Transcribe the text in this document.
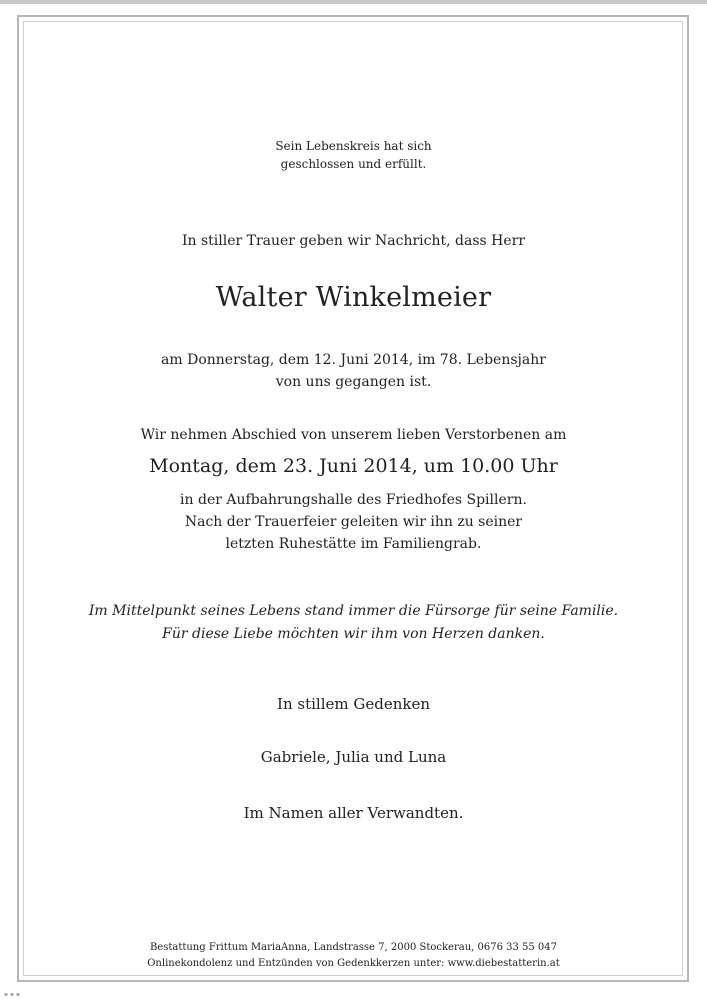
Sein Lebenskreis hat sich
geschlossen und erfüllt.
In stiller Trauer geben wir Nachricht, dass Herr
Walter Winkelmeier
am Donnerstag, dem 12. Juni 2014, im 78. Lebensjahr
von uns gegangen ist.
Wir nehmen Abschied von unserem lieben Verstorbenen am
Montag, dem 23. Juni 2014, um 10.00 Uhr
in der Aufbahrungshalle des Friedhofes Spillern.
Nach der Trauerfeier geleiten wir ihn zu seiner
letzten Ruhestätte im Familiengrab.
Im Mittelpunkt seines Lebens stand immer die Fürsorge für seine Familie.
Für diese Liebe möchten wir ihm von Herzen danken.
In stillem Gedenken
Gabriele, Julia und Luna
Im Namen aller Verwandten.
Bestattung Frittum MariaAnna, Landstrasse 7, 2000 Stockerau, 0676 33 55 047
Onlinekondolenz und Entzünden von Gedenkkerzen unter: www.diebestatterin.at
▪ ▪ ▪
